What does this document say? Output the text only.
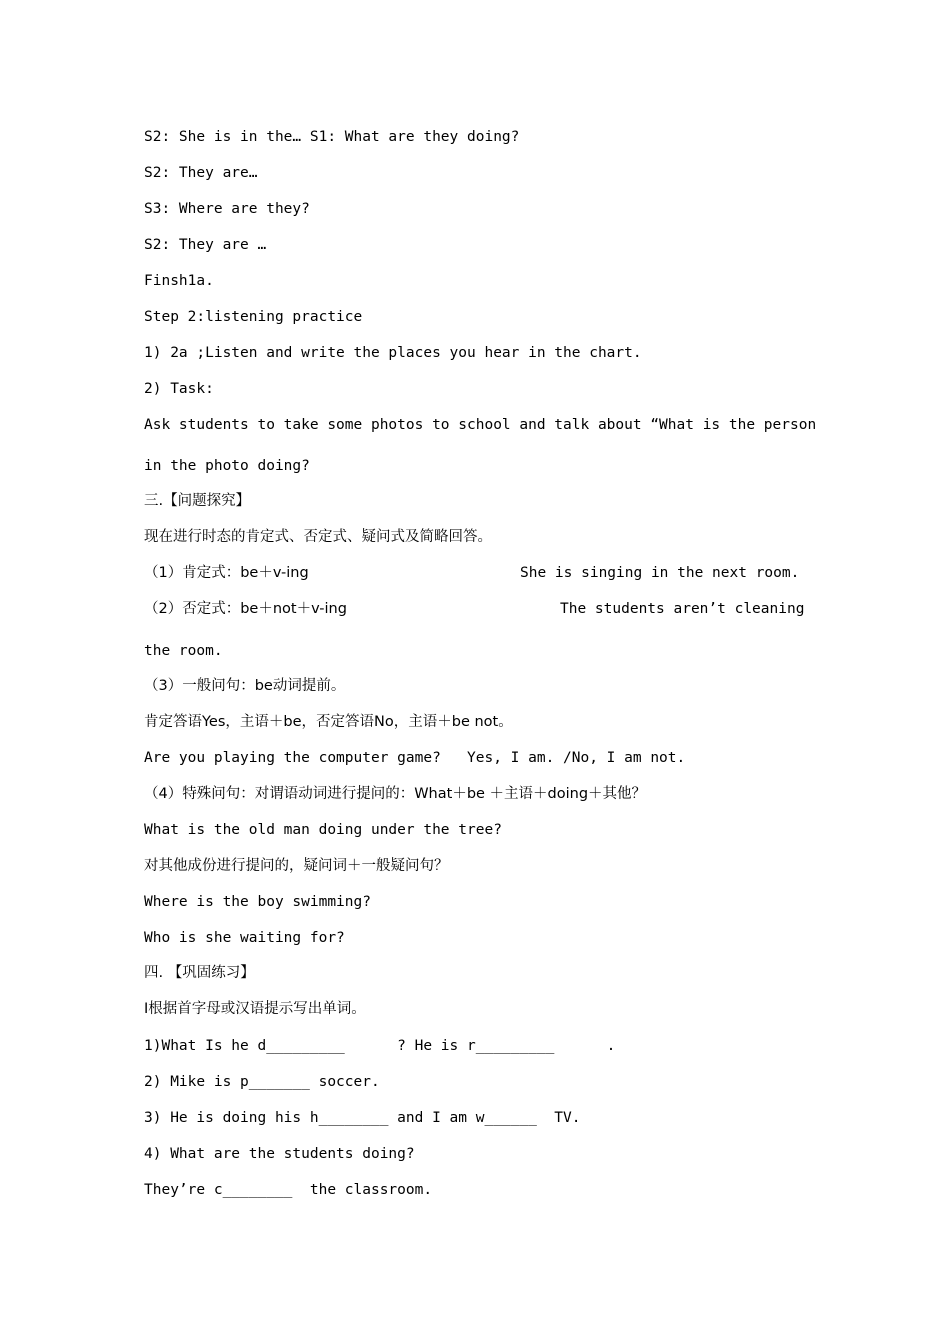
S2: She is in the… S1: What are they doing?
S2: They are…
S3: Where are they?
S2: They are …
Finsh1a.
Step 2:listening practice
1) 2a ;Listen and write the places you hear in the chart.
2) Task:
Ask students to take some photos to school and talk about “What is the person
in the photo doing?
三.【问题探究】
现在进行时态的肯定式、否定式、疑问式及简略回答。
（1）肯定式：be＋v-ing	She is singing in the next room.
（2）否定式：be＋not＋v-ing	The students aren’t cleaning
the room.
（3）一般问句：be动词提前。
肯定答语Yes，主语＋be，否定答语No，主语＋be not。
Are you playing the computer game?   Yes, I am. /No, I am not.
（4）特殊问句：对谓语动词进行提问的：What＋be ＋主语＋doing＋其他？
What is the old man doing under the tree?
对其他成份进行提问的，疑问词＋一般疑问句？
Where is the boy swimming?
Who is she waiting for?
四. 【巩固练习】
Ⅰ根据首字母或汉语提示写出单词。
1)What Is he d_________      ? He is r_________      .
2) Mike is p_______ soccer.
3) He is doing his h________ and I am w______  TV.
4) What are the students doing?
They’re c________  the classroom.
